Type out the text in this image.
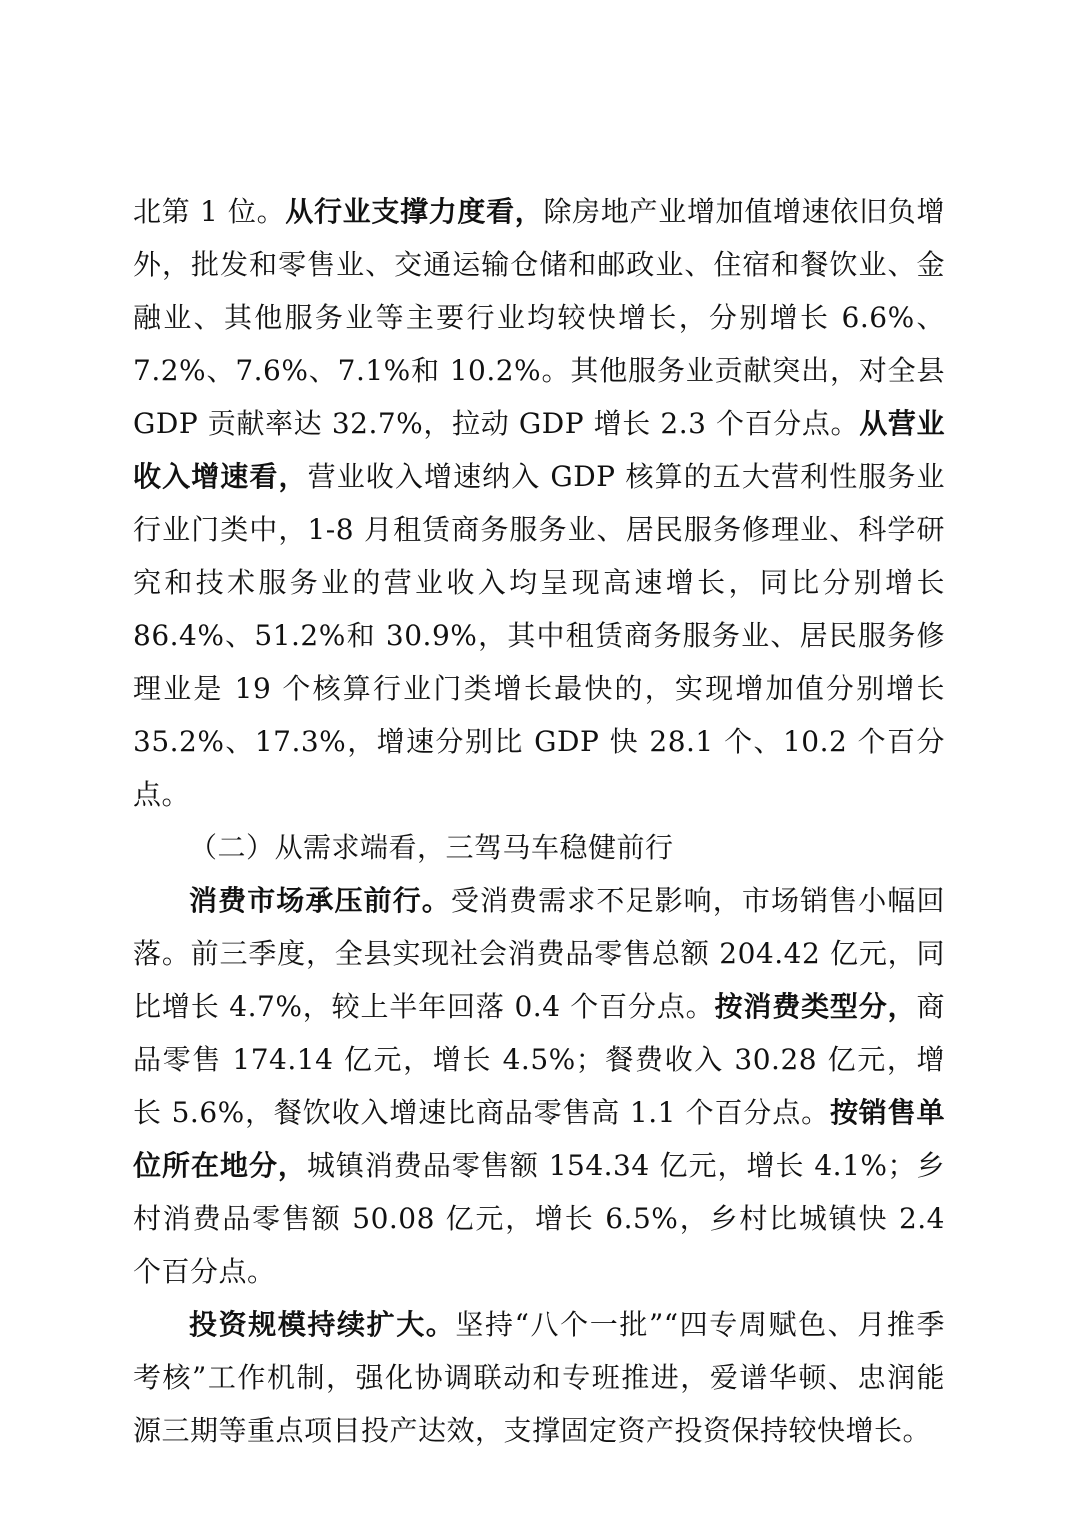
北第 1 位。从行业支撑力度看，除房地产业增加值增速依旧负增外，批发和零售业、交通运输仓储和邮政业、住宿和餐饮业、金融业、其他服务业等主要行业均较快增长，分别增长 6.6%、7.2%、7.6%、7.1%和 10.2%。其他服务业贡献突出，对全县 GDP 贡献率达 32.7%，拉动 GDP 增长 2.3 个百分点。从营业收入增速看，营业收入增速纳入 GDP 核算的五大营利性服务业行业门类中，1-8 月租赁商务服务业、居民服务修理业、科学研究和技术服务业的营业收入均呈现高速增长，同比分别增长 86.4%、51.2%和 30.9%，其中租赁商务服务业、居民服务修理业是 19 个核算行业门类增长最快的，实现增加值分别增长 35.2%、17.3%，增速分别比 GDP 快 28.1 个、10.2 个百分点。

（二）从需求端看，三驾马车稳健前行

消费市场承压前行。受消费需求不足影响，市场销售小幅回落。前三季度，全县实现社会消费品零售总额 204.42 亿元，同比增长 4.7%，较上半年回落 0.4 个百分点。按消费类型分，商品零售 174.14 亿元，增长 4.5%；餐费收入 30.28 亿元，增长 5.6%，餐饮收入增速比商品零售高 1.1 个百分点。按销售单位所在地分，城镇消费品零售额 154.34 亿元，增长 4.1%；乡村消费品零售额 50.08 亿元，增长 6.5%，乡村比城镇快 2.4 个百分点。

投资规模持续扩大。坚持“八个一批”“四专周赋色、月推季考核”工作机制，强化协调联动和专班推进，爱谱华顿、忠润能源三期等重点项目投产达效，支撑固定资产投资保持较快增长。
